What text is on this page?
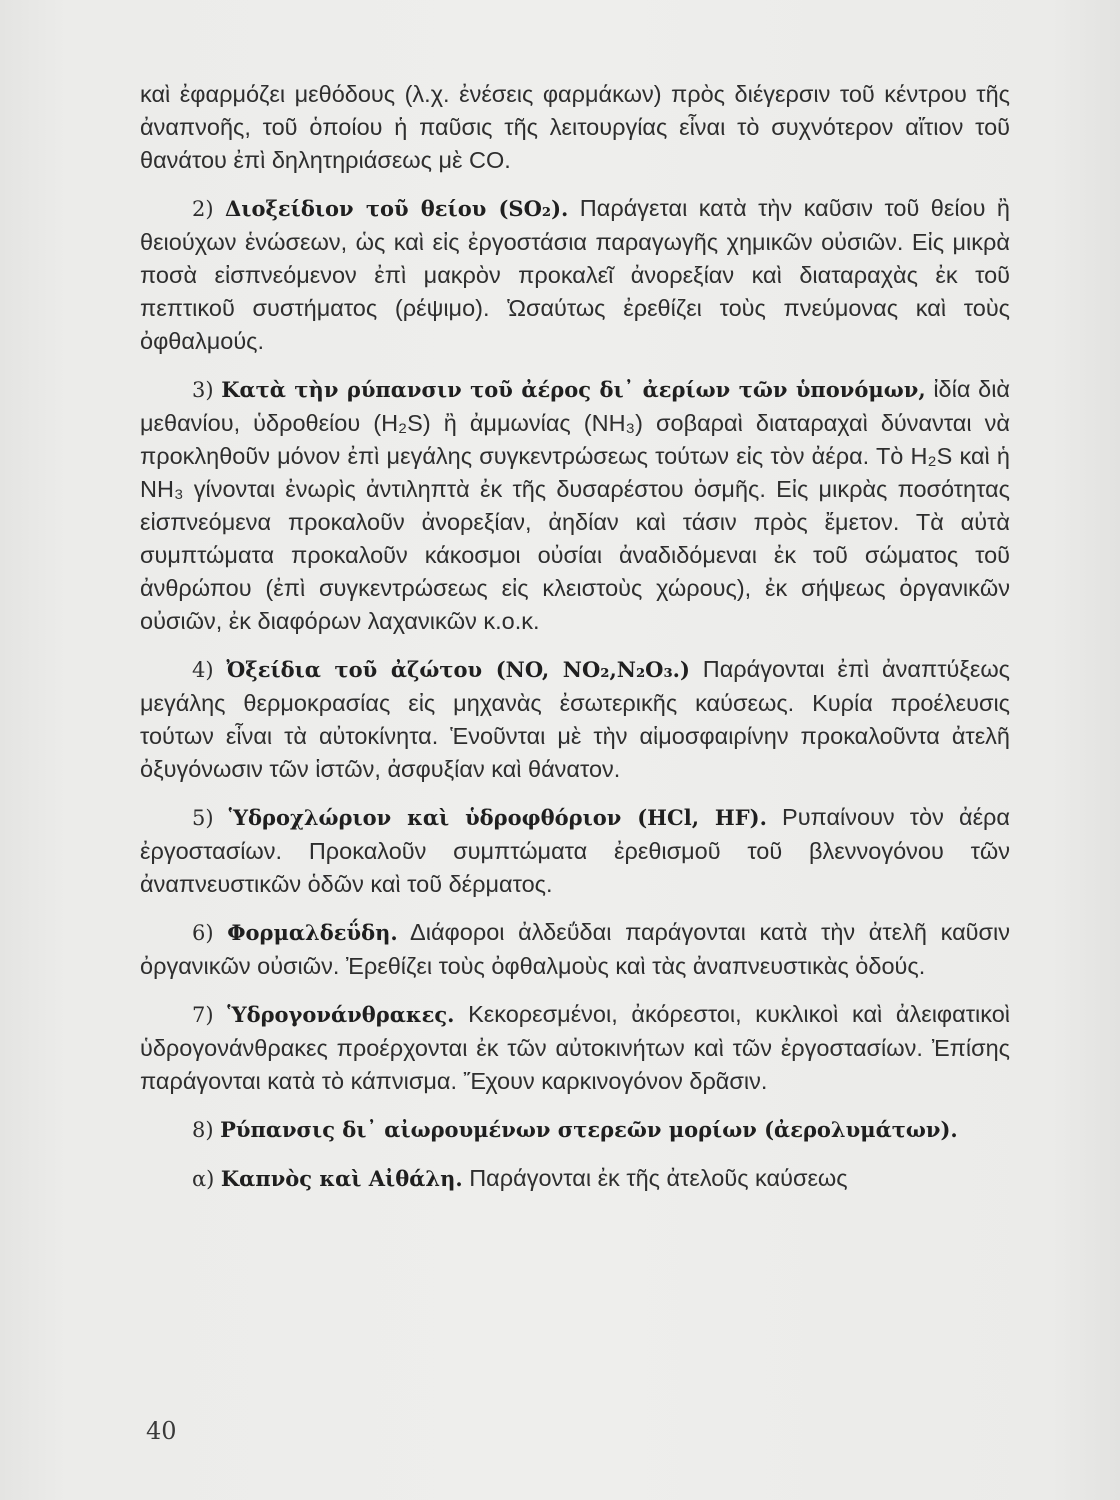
καὶ ἐφαρμόζει μεθόδους (λ.χ. ἐνέσεις φαρμάκων) πρὸς διέγερσιν τοῦ κέντρου τῆς ἀναπνοῆς, τοῦ ὁποίου ἡ παῦσις τῆς λειτουργίας εἶναι τὸ συχνότερον αἴτιον τοῦ θανάτου ἐπὶ δηλητηριάσεως μὲ CO.

2) Διοξείδιον τοῦ θείου (SO₂). Παράγεται κατὰ τὴν καῦσιν τοῦ θείου ἢ θειούχων ἑνώσεων, ὡς καὶ εἰς ἐργοστάσια παραγωγῆς χημικῶν οὐσιῶν. Εἰς μικρὰ ποσὰ εἰσπνεόμενον ἐπὶ μακρὸν προκαλεῖ ἀνορεξίαν καὶ διαταραχὰς ἐκ τοῦ πεπτικοῦ συστήματος (ρέψιμο). Ὡσαύτως ἐρεθίζει τοὺς πνεύμονας καὶ τοὺς ὀφθαλμούς.

3) Κατὰ τὴν ρύπανσιν τοῦ ἀέρος δι᾽ ἀερίων τῶν ὑπονόμων, ἰδία διὰ μεθανίου, ὑδροθείου (H₂S) ἢ ἀμμωνίας (NH₃) σοβαραὶ διαταραχαὶ δύνανται νὰ προκληθοῦν μόνον ἐπὶ μεγάλης συγκεντρώσεως τούτων εἰς τὸν ἀέρα. Τὸ H₂S καὶ ἡ NH₃ γίνονται ἐνωρὶς ἀντιληπτὰ ἐκ τῆς δυσαρέστου ὀσμῆς. Εἰς μικρὰς ποσότητας εἰσπνεόμενα προκαλοῦν ἀνορεξίαν, ἀηδίαν καὶ τάσιν πρὸς ἔμετον. Τὰ αὐτὰ συμπτώματα προκαλοῦν κάκοσμοι οὐσίαι ἀναδιδόμεναι ἐκ τοῦ σώματος τοῦ ἀνθρώπου (ἐπὶ συγκεντρώσεως εἰς κλειστοὺς χώρους), ἐκ σήψεως ὀργανικῶν οὐσιῶν, ἐκ διαφόρων λαχανικῶν κ.ο.κ.

4) Ὀξείδια τοῦ ἀζώτου (NO, NO₂,N₂O₃.) Παράγονται ἐπὶ ἀναπτύξεως μεγάλης θερμοκρασίας εἰς μηχανὰς ἐσωτερικῆς καύσεως. Κυρία προέλευσις τούτων εἶναι τὰ αὐτοκίνητα. Ἑνοῦνται μὲ τὴν αἱμοσφαιρίνην προκαλοῦντα ἀτελῆ ὀξυγόνωσιν τῶν ἱστῶν, ἀσφυξίαν καὶ θάνατον.

5) Ὑδροχλώριον καὶ ὑδροφθόριον (HCl, HF). Ρυπαίνουν τὸν ἀέρα ἐργοστασίων. Προκαλοῦν συμπτώματα ἐρεθισμοῦ τοῦ βλεννογόνου τῶν ἀναπνευστικῶν ὁδῶν καὶ τοῦ δέρματος.

6) Φορμαλδεΰδη. Διάφοροι ἀλδεΰδαι παράγονται κατὰ τὴν ἀτελῆ καῦσιν ὀργανικῶν οὐσιῶν. Ἐρεθίζει τοὺς ὀφθαλμοὺς καὶ τὰς ἀναπνευστικὰς ὁδούς.

7) Ὑδρογονάνθρακες. Κεκορεσμένοι, ἀκόρεστοι, κυκλικοὶ καὶ ἀλειφατικοὶ ὑδρογονάνθρακες προέρχονται ἐκ τῶν αὐτοκινήτων καὶ τῶν ἐργοστασίων. Ἐπίσης παράγονται κατὰ τὸ κάπνισμα. Ἔχουν καρκινογόνον δρᾶσιν.

8) Ρύπανσις δι᾽ αἰωρουμένων στερεῶν μορίων (ἀερολυμάτων).

α) Καπνὸς καὶ Αἰθάλη. Παράγονται ἐκ τῆς ἀτελοῦς καύσεως

40
